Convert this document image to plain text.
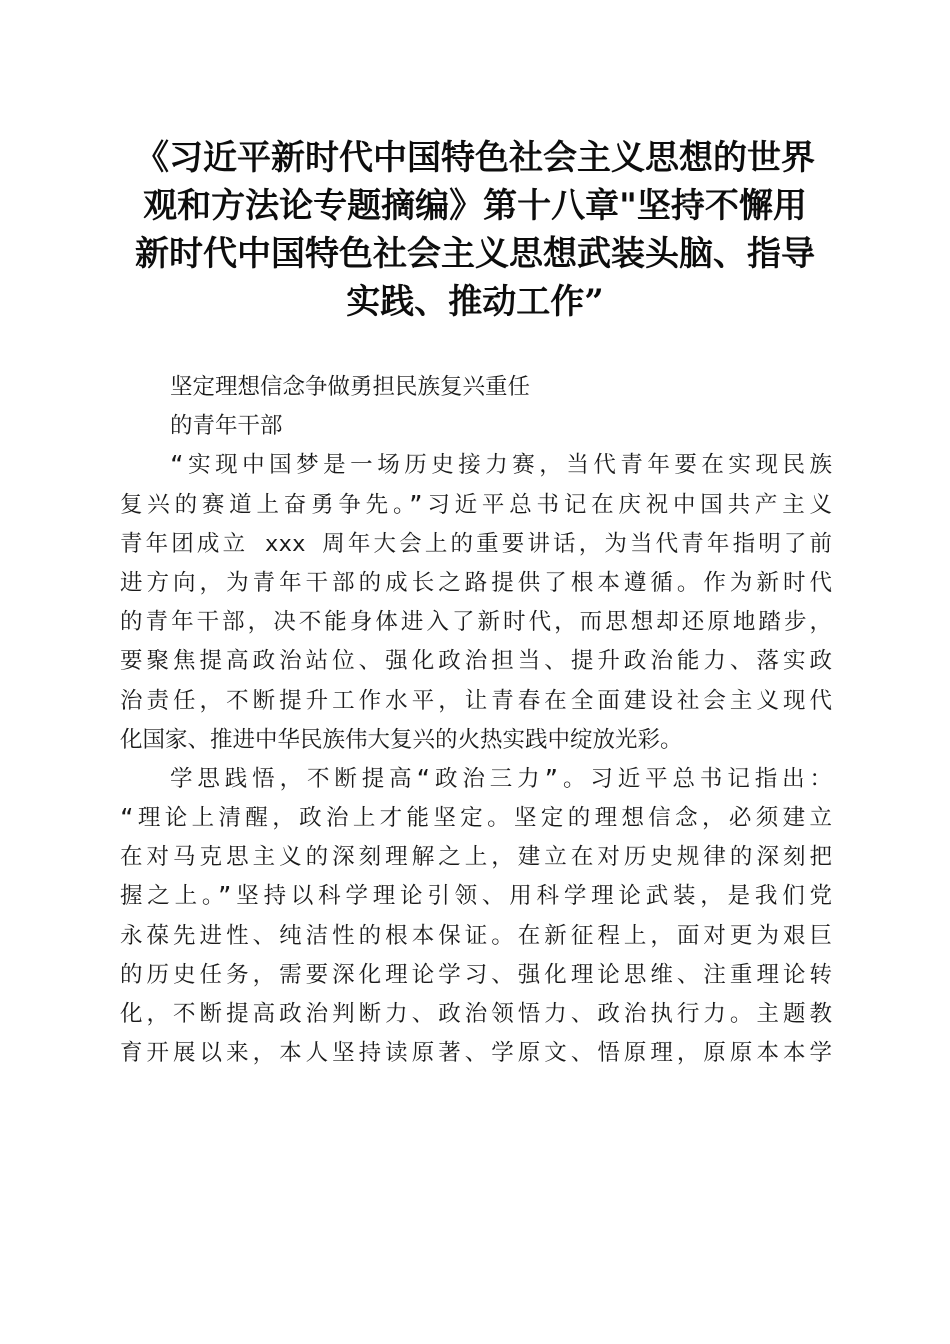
《习近平新时代中国特色社会主义思想的世界
观和方法论专题摘编》第十八章"坚持不懈用
新时代中国特色社会主义思想武装头脑、指导
实践、推动工作”
坚定理想信念争做勇担民族复兴重任
的青年干部
“实现中国梦是一场历史接力赛，当代青年要在实现民族
复兴的赛道上奋勇争先。”习近平总书记在庆祝中国共产主义
青年团成立 xxx 周年大会上的重要讲话，为当代青年指明了前
进方向，为青年干部的成长之路提供了根本遵循。作为新时代
的青年干部，决不能身体进入了新时代，而思想却还原地踏步，
要聚焦提高政治站位、强化政治担当、提升政治能力、落实政
治责任，不断提升工作水平，让青春在全面建设社会主义现代
化国家、推进中华民族伟大复兴的火热实践中绽放光彩。
学思践悟，不断提高“政治三力”。习近平总书记指出：
“理论上清醒，政治上才能坚定。坚定的理想信念，必须建立
在对马克思主义的深刻理解之上，建立在对历史规律的深刻把
握之上。”坚持以科学理论引领、用科学理论武装，是我们党
永葆先进性、纯洁性的根本保证。在新征程上，面对更为艰巨
的历史任务，需要深化理论学习、强化理论思维、注重理论转
化，不断提高政治判断力、政治领悟力、政治执行力。主题教
育开展以来，本人坚持读原著、学原文、悟原理，原原本本学
